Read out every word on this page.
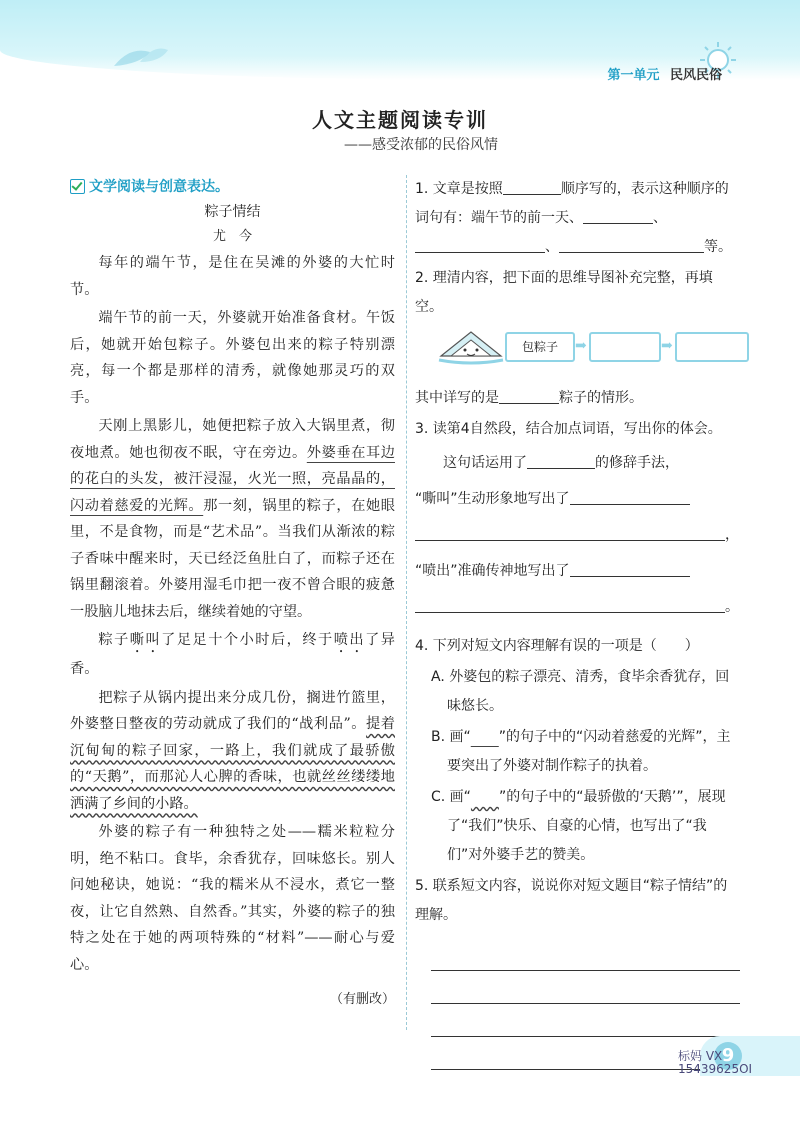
第一单元 民风民俗
人文主题阅读专训
——感受浓郁的民俗风情
文学阅读与创意表达。
粽子情结
尤　今

每年的端午节，是住在吴滩的外婆的大忙时节。

端午节的前一天，外婆就开始准备食材。午饭后，她就开始包粽子。外婆包出来的粽子特别漂亮，每一个都是那样的清秀，就像她那灵巧的双手。

天刚上黑影儿，她便把粽子放入大锅里煮，彻夜地煮。她也彻夜不眠，守在旁边。外婆垂在耳边的花白的头发，被汗浸湿，火光一照，亮晶晶的，闪动着慈爱的光辉。那一刻，锅里的粽子，在她眼里，不是食物，而是“艺术品”。当我们从渐浓的粽子香味中醒来时，天已经泛鱼肚白了，而粽子还在锅里翻滚着。外婆用湿毛巾把一夜不曾合眼的疲惫一股脑儿地抹去后，继续着她的守望。

粽子嘶叫了足足十个小时后，终于喷出了异香。

把粽子从锅内提出来分成几份，搁进竹篮里，外婆整日整夜的劳动就成了我们的“战利品”。提着沉甸甸的粽子回家，一路上，我们就成了最骄傲的“天鹅”，而那沁人心脾的香味，也就丝丝缕缕地洒满了乡间的小路。

外婆的粽子有一种独特之处——糯米粒粒分明，绝不粘口。食毕，余香犹存，回味悠长。别人问她秘诀，她说：“我的糯米从不浸水，煮它一整夜，让它自然熟、自然香。”其实，外婆的粽子的独特之处在于她的两项特殊的“材料”——耐心与爱心。

（有删改）
1. 文章是按照	顺序写的，表示这种顺序的词句有：端午节的前一天、	、
、	等。
2. 理清内容，把下面的思维导图补充完整，再填空。
包粽子	➡	➡
其中详写的是	粽子的情形。
3. 读第4自然段，结合加点词语，写出你的体会。
这句话运用了	的修辞手法，
“嘶叫”生动形象地写出了
，
“喷出”准确传神地写出了
。
4. 下列对短文内容理解有误的一项是（　　）
A. 外婆包的粽子漂亮、清秀，食毕余香犹存，回味悠长。
B. 画“　　 ”的句子中的“闪动着慈爱的光辉”，主要突出了外婆对制作粽子的执着。
C. 画“　　 ”的句子中的“最骄傲的‘天鹅’”，展现了“我们”快乐、自豪的心情，也写出了“我们”对外婆手艺的赞美。
5. 联系短文内容，说说你对短文题目“粽子情结”的理解。
9
标妈 VX
15439625OI
